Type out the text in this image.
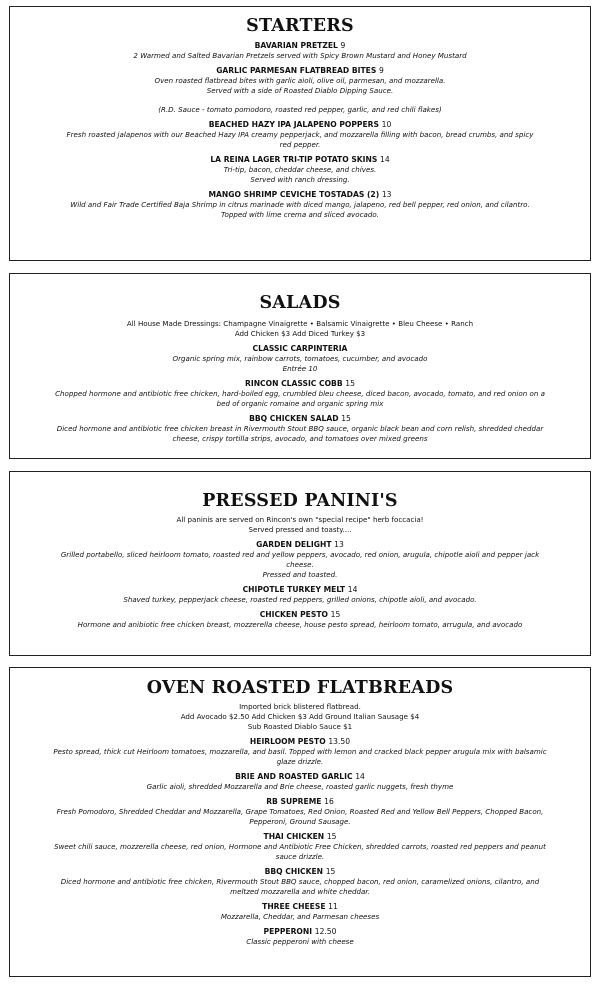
STARTERS
BAVARIAN PRETZEL 9
2 Warmed and Salted Bavarian Pretzels served with Spicy Brown Mustard and Honey Mustard
GARLIC PARMESAN FLATBREAD BITES 9
Oven roasted flatbread bites with garlic aioli, olive oil, parmesan, and mozzarella.
Served with a side of Roasted Diablo Dipping Sauce.
(R.D. Sauce - tomato pomodoro, roasted red pepper, garlic, and red chili flakes)
BEACHED HAZY IPA JALAPENO POPPERS 10
Fresh roasted jalapenos with our Beached Hazy IPA creamy pepperjack, and mozzarella filling with bacon, bread crumbs, and spicy
red pepper.
LA REINA LAGER TRI-TIP POTATO SKINS 14
Tri-tip, bacon, cheddar cheese, and chives.
Served with ranch dressing.
MANGO SHRIMP CEVICHE TOSTADAS (2) 13
Wild and Fair Trade Certified Baja Shrimp in citrus marinade with diced mango, jalapeno, red bell pepper, red onion, and cilantro.
Topped with lime crema and sliced avocado.
SALADS
All House Made Dressings: Champagne Vinaigrette • Balsamic Vinaigrette • Bleu Cheese • Ranch
Add Chicken $3 Add Diced Turkey $3
CLASSIC CARPINTERIA
Organic spring mix, rainbow carrots, tomatoes, cucumber, and avocado
Entrée 10
RINCON CLASSIC COBB 15
Chopped hormone and antibiotic free chicken, hard-boiled egg, crumbled bleu cheese, diced bacon, avocado, tomato, and red onion on a
bed of organic romaine and organic spring mix
BBQ CHICKEN SALAD 15
Diced hormone and antibiotic free chicken breast in Rivermouth Stout BBQ sauce, organic black bean and corn relish, shredded cheddar
cheese, crispy tortilla strips, avocado, and tomatoes over mixed greens
PRESSED PANINI'S
All paninis are served on Rincon's own "special recipe" herb foccacia!
Served pressed and toasty....
GARDEN DELIGHT 13
Grilled portabello, sliced heirloom tomato, roasted red and yellow peppers, avocado, red onion, arugula, chipotle aioli and pepper jack
cheese.
Pressed and toasted.
CHIPOTLE TURKEY MELT 14
Shaved turkey, pepperjack cheese, roasted red peppers, grilled onions, chipotle aioli, and avocado.
CHICKEN PESTO 15
Hormone and anibiotic free chicken breast, mozzerella cheese, house pesto spread, heirloom tomato, arrugula, and avocado
OVEN ROASTED FLATBREADS
Imported brick blistered flatbread.
Add Avocado $2.50 Add Chicken $3 Add Ground Italian Sausage $4
Sub Roasted Diablo Sauce $1
HEIRLOOM PESTO 13.50
Pesto spread, thick cut Heirloom tomatoes, mozzarella, and basil. Topped with lemon and cracked black pepper arugula mix with balsamic
glaze drizzle.
BRIE AND ROASTED GARLIC 14
Garlic aioli, shredded Mozzarella and Brie cheese, roasted garlic nuggets, fresh thyme
RB SUPREME 16
Fresh Pomodoro, Shredded Cheddar and Mozzarella, Grape Tomatoes, Red Onion, Roasted Red and Yellow Bell Peppers, Chopped Bacon,
Pepperoni, Ground Sausage.
THAI CHICKEN 15
Sweet chili sauce, mozzerella cheese, red onion, Hormone and Antibiotic Free Chicken, shredded carrots, roasted red peppers and peanut
sauce drizzle.
BBQ CHICKEN 15
Diced hormone and antibiotic free chicken, Rivermouth Stout BBQ sauce, chopped bacon, red onion, caramelized onions, cilantro, and
meltzed mozzarella and white cheddar.
THREE CHEESE 11
Mozzarella, Cheddar, and Parmesan cheeses
PEPPERONI 12.50
Classic pepperoni with cheese
